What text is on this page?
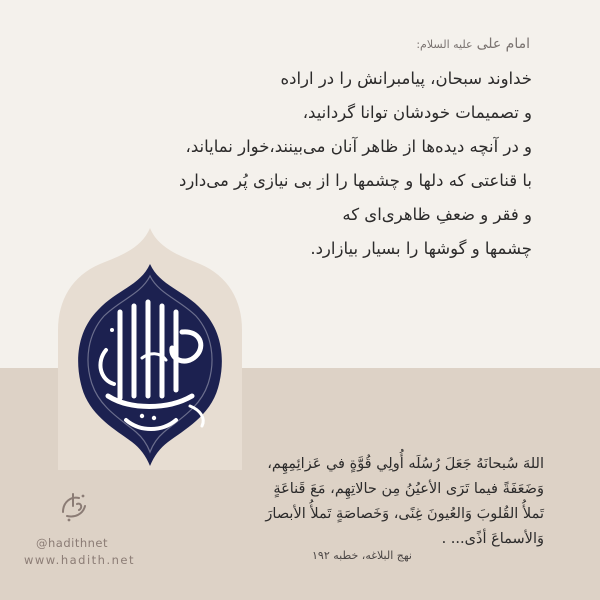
امام علی
علیه السلام:
خداوند سبحان، پیامبرانش را در اراده
و تصمیمات خودشان توانا گردانید،
و در آنچه دیده‌ها از ظاهر آنان می‌بینند،خوار نمایاند،
با قناعتی که دلها و چشمها را از بی نیازی پُر می‌دارد
و فقر و ضعفِ ظاهری‌ای که
چشمها و گوشها را بسیار بیازارد.
اللهَ سُبحانَهُ جَعَلَ رُسُلَه أُولِي قُوَّةٍ في عَزائِمِهِم،
وَضَعَفَةً فيما تَرَى الأعيُنُ مِن حالاتِهِم، مَعَ قَناعَةٍ
تَملأُ القُلوبَ وَالعُيونَ غِنًى، وَخَصاصَةٍ تَملأُ الأبصارَ
وَالأسماعَ أذًى... .
نهج البلاغه، خطبه ۱۹۲
@hadithnet
www.hadith.net
